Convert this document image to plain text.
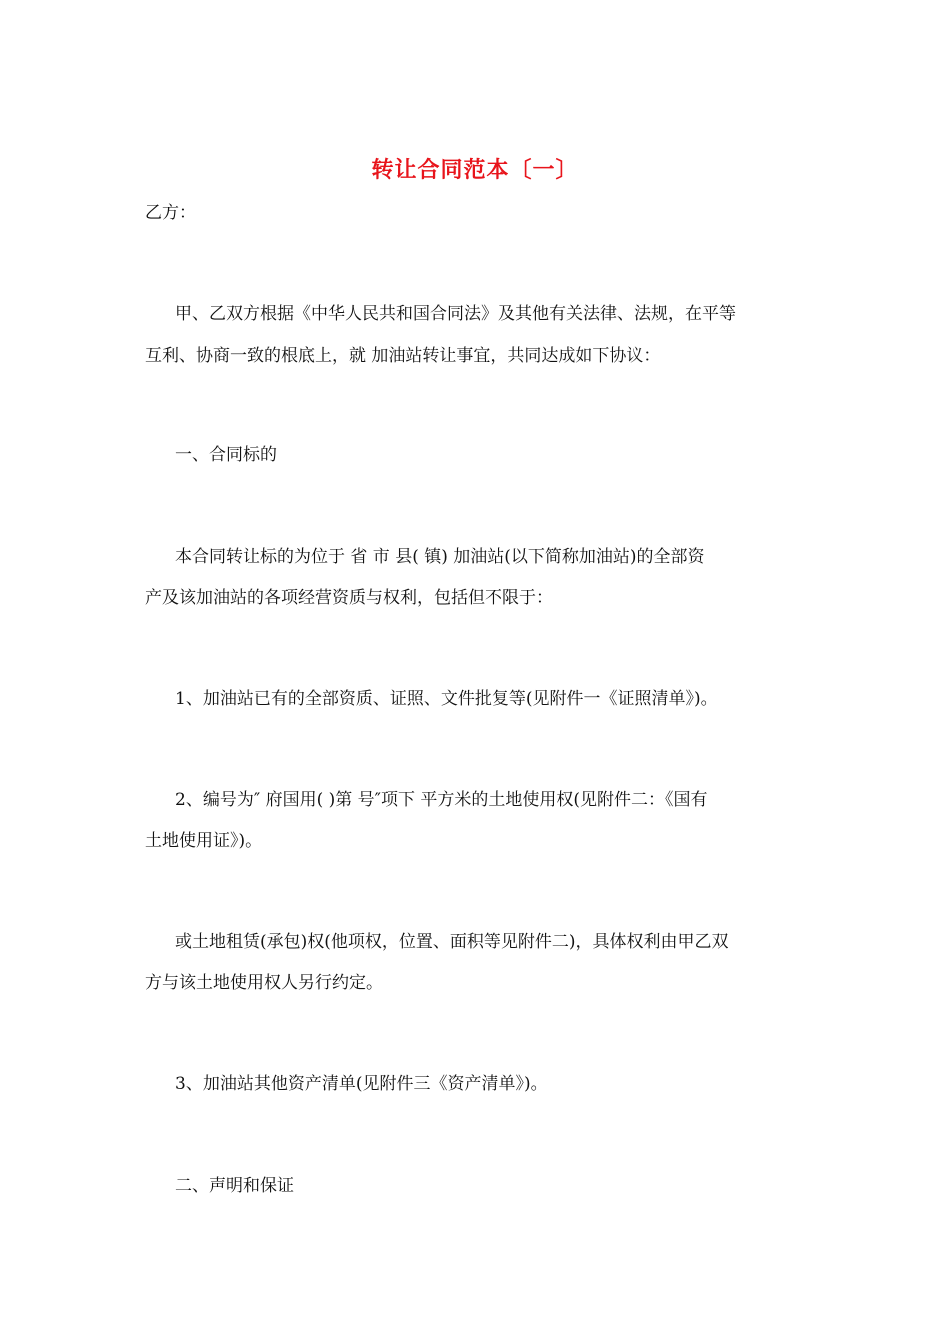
转让合同范本〔一〕
乙方：
甲、乙双方根据《中华人民共和国合同法》及其他有关法律、法规，在平等
互利、协商一致的根底上，就 加油站转让事宜，共同达成如下协议：
一、合同标的
本合同转让标的为位于 省 市 县( 镇) 加油站(以下简称加油站)的全部资
产及该加油站的各项经营资质与权利，包括但不限于：
1、加油站已有的全部资质、证照、文件批复等(见附件一《证照清单》)。
2、编号为″ 府国用( )第 号″项下 平方米的土地使用权(见附件二：《国有
土地使用证》)。
或土地租赁(承包)权(他项权，位置、面积等见附件二)，具体权利由甲乙双
方与该土地使用权人另行约定。
3、加油站其他资产清单(见附件三《资产清单》)。
二、声明和保证
